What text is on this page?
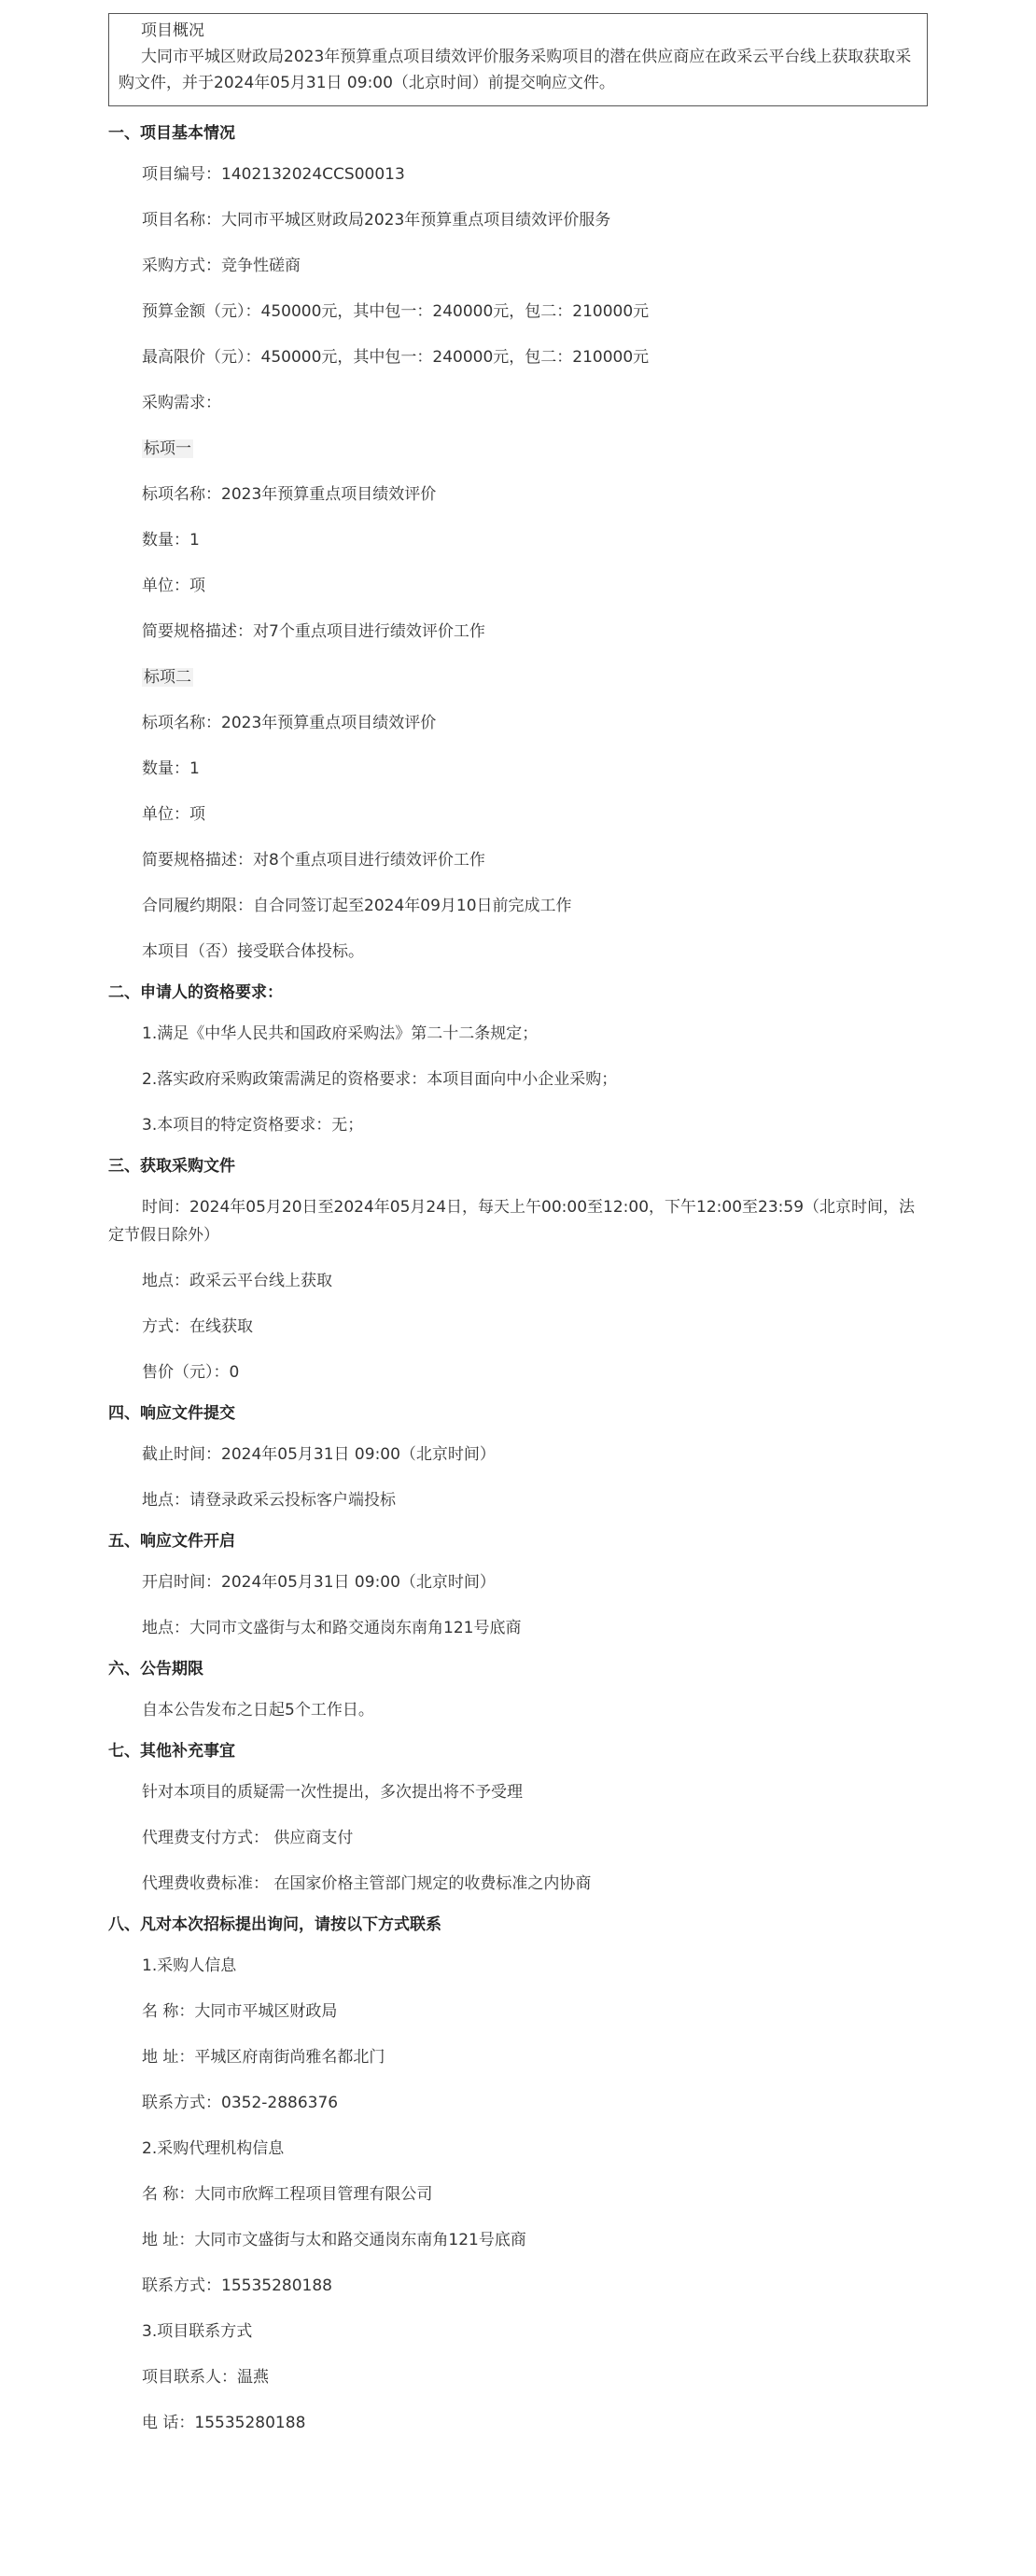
项目概况

大同市平城区财政局2023年预算重点项目绩效评价服务采购项目的潜在供应商应在政采云平台线上获取获取采购文件，并于2024年05月31日 09:00（北京时间）前提交响应文件。

一、项目基本情况

项目编号：1402132024CCS00013

项目名称：大同市平城区财政局2023年预算重点项目绩效评价服务

采购方式：竞争性磋商

预算金额（元）：450000元，其中包一：240000元，包二：210000元

最高限价（元）：450000元，其中包一：240000元，包二：210000元

采购需求：

标项一

标项名称：2023年预算重点项目绩效评价

数量：1

单位：项

简要规格描述：对7个重点项目进行绩效评价工作

标项二

标项名称：2023年预算重点项目绩效评价

数量：1

单位：项

简要规格描述：对8个重点项目进行绩效评价工作

合同履约期限：自合同签订起至2024年09月10日前完成工作

本项目（否）接受联合体投标。

二、申请人的资格要求：

1.满足《中华人民共和国政府采购法》第二十二条规定；

2.落实政府采购政策需满足的资格要求：本项目面向中小企业采购；

3.本项目的特定资格要求：无；

三、获取采购文件

时间：2024年05月20日至2024年05月24日，每天上午00:00至12:00，下午12:00至23:59（北京时间，法定节假日除外）

地点：政采云平台线上获取

方式：在线获取

售价（元）：0

四、响应文件提交

截止时间：2024年05月31日 09:00（北京时间）

地点：请登录政采云投标客户端投标

五、响应文件开启

开启时间：2024年05月31日 09:00（北京时间）

地点：大同市文盛街与太和路交通岗东南角121号底商

六、公告期限

自本公告发布之日起5个工作日。

七、其他补充事宜

针对本项目的质疑需一次性提出，多次提出将不予受理

代理费支付方式： 供应商支付

代理费收费标准： 在国家价格主管部门规定的收费标准之内协商

八、凡对本次招标提出询问，请按以下方式联系

1.采购人信息

名 称：大同市平城区财政局

地 址：平城区府南街尚雅名都北门

联系方式：0352-2886376

2.采购代理机构信息

名 称：大同市欣辉工程项目管理有限公司

地 址：大同市文盛街与太和路交通岗东南角121号底商

联系方式：15535280188

3.项目联系方式

项目联系人：温燕

电 话：15535280188
